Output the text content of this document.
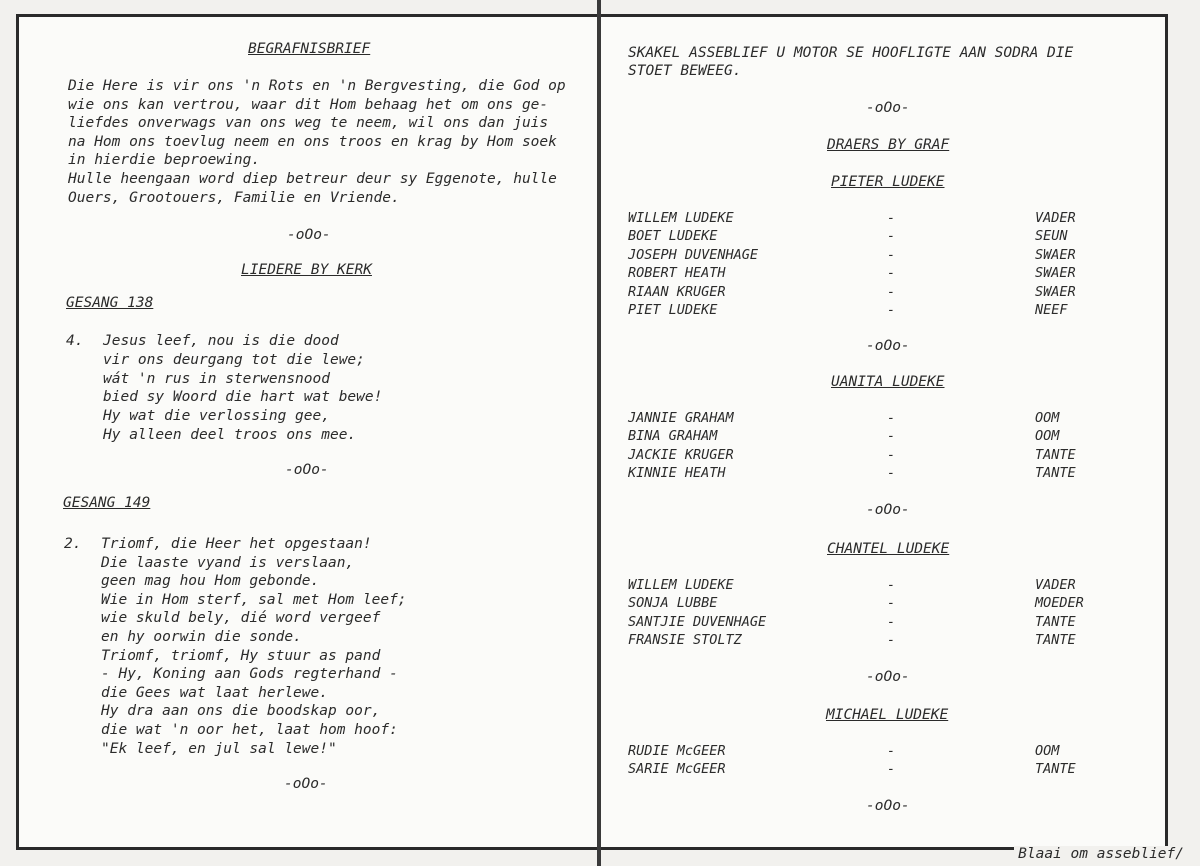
BEGRAFNISBRIEF
Die Here is vir ons 'n Rots en 'n Bergvesting, die God op
wie ons kan vertrou, waar dit Hom behaag het om ons ge-
liefdes onverwags van ons weg te neem, wil ons dan juis
na Hom ons toevlug neem en ons troos en krag by Hom soek
in hierdie beproewing.
Hulle heengaan word diep betreur deur sy Eggenote, hulle
Ouers, Grootouers, Familie en Vriende.
-oOo-
LIEDERE BY KERK
GESANG 138
4. Jesus leef, nou is die dood
vir ons deurgang tot die lewe;
wát 'n rus in sterwensnood
bied sy Woord die hart wat bewe!
Hy wat die verlossing gee,
Hy alleen deel troos ons mee.
-oOo-
GESANG 149
2. Triomf, die Heer het opgestaan!
Die laaste vyand is verslaan,
geen mag hou Hom gebonde.
Wie in Hom sterf, sal met Hom leef;
wie skuld bely, dié word vergeef
en hy oorwin die sonde.
Triomf, triomf, Hy stuur as pand
- Hy, Koning aan Gods regterhand -
die Gees wat laat herlewe.
Hy dra aan ons die boodskap oor,
die wat 'n oor het, laat hom hoof:
"Ek leef, en jul sal lewe!"
-oOo-
SKAKEL ASSEBLIEF U MOTOR SE HOOFLIGTE AAN SODRA DIE
STOET BEWEEG.
-oOo-
DRAERS BY GRAF
PIETER LUDEKE
WILLEM LUDEKE	-	VADER
BOET LUDEKE	-	SEUN
JOSEPH DUVENHAGE	-	SWAER
ROBERT HEATH	-	SWAER
RIAAN KRUGER	-	SWAER
PIET LUDEKE	-	NEEF
-oOo-
UANITA LUDEKE
JANNIE GRAHAM	-	OOM
BINA GRAHAM	-	OOM
JACKIE KRUGER	-	TANTE
KINNIE HEATH	-	TANTE
-oOo-
CHANTEL LUDEKE
WILLEM LUDEKE	-	VADER
SONJA LUBBE	-	MOEDER
SANTJIE DUVENHAGE	-	TANTE
FRANSIE STOLTZ	-	TANTE
-oOo-
MICHAEL LUDEKE
RUDIE McGEER	-	OOM
SARIE McGEER	-	TANTE
-oOo-
Blaai om asseblief/
